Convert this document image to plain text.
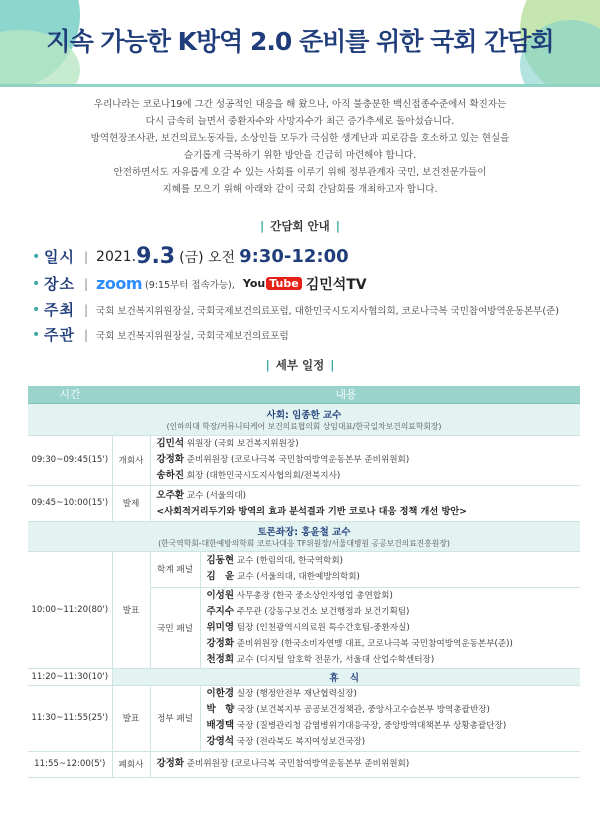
지속 가능한 K방역 2.0 준비를 위한 국회 간담회
우리나라는 코로나19에 그간 성공적인 대응을 해 왔으나, 아직 불충분한 백신접종수준에서 확진자는
다시 급속히 늘면서 중환자수와 사망자수가 최근 증가추세로 돌아섰습니다.
방역현장조사관, 보건의료노동자들, 소상인들 모두가 극심한 생계난과 피로감을 호소하고 있는 현실을
슬기롭게 극복하기 위한 방안을 긴급히 마련해야 합니다.
안전하면서도 자유롭게 오갈 수 있는 사회를 이루기 위해 정부관계자 국민, 보건전문가들이
지혜를 모으기 위해 아래와 같이 국회 간담회를 개최하고자 합니다.
| 간담회 안내 |
• 일시 | 2021. 9.3 (금) 오전 9:30-12:00
• 장소 | zoom (9:15부터 접속가능), You Tube 김민석TV
• 주최 | 국회 보건복지위원장실, 국회국제보건의료포럼, 대한민국시도지사협의회, 코로나극복 국민참여방역운동본부(준)
• 주관 | 국회 보건복지위원장실, 국회국제보건의료포럼
| 세부 일정 |
시간	내용		

사회: 임종한 교수
(인하의대 학장/커뮤니티케어 보건의료협의회 상임대표/한국일차보건의료학회장)			

09:30~09:45(15')	개회사	김민석 위원장 (국회 보건복지위원장)
강정화 준비위원장 (코로나극복 국민참여방역운동본부 준비위원회)
송하진 회장 (대한민국시도지사협의회/전북지사)	

09:45~10:00(15')	발제	오주환 교수 (서울의대)
<사회적거리두기와 방역의 효과 분석결과 기반 코로나 대응 정책 개선 방안>	

토론좌장: 홍윤철 교수
(한국역학회-대한예방의학회 코로나대응 TF위원장/서울대병원 공공보건의료진흥원장)			

10:00~11:20(80')	발표	학계 패널	김동현 교수 (한림의대, 한국역학회)
김　윤 교수 (서울의대, 대한예방의학회)

		국민 패널	이성원 사무총장 (한국 중소상인자영업 총연합회)
주지수 주무관 (강동구보건소 보건행정과 보건기획팀)
위미영 팀장 (인천광역시의료원 특수간호팀-중환자실)
강정화 준비위원장 (한국소비자연맹 대표, 코로나극복 국민참여방역운동본부(준))
천정희 교수 (디지털 암호학 전문가, 서울대 산업수학센터장)

11:20~11:30(10')	휴 식		
11:30~11:55(25')	발표	정부 패널	이한경 실장 (행정안전부 재난협력실장)
박　향 국장 (보건복지부 공공보건정책관, 중앙사고수습본부 방역총괄반장)
배경택 국장 (질병관리청 감염병위기대응국장, 중앙방역대책본부 상황총괄단장)
강영석 국장 (전라북도 복지여성보건국장)

11:55~12:00(5')	폐회사	강정화 준비위원장 (코로나극복 국민참여방역운동본부 준비위원회)	
